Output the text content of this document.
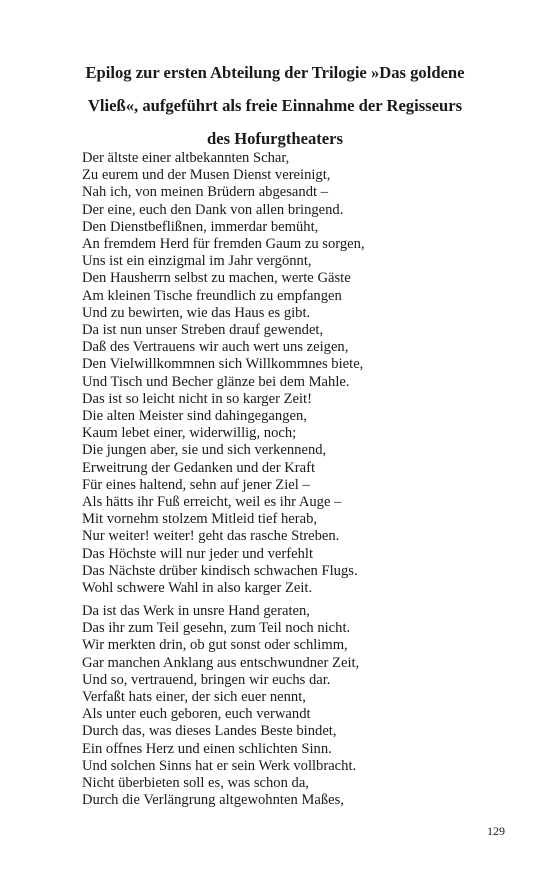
Epilog zur ersten Abteilung der Trilogie »Das goldene
Vließ«, aufgeführt als freie Einnahme der Regisseurs
des Hofurgtheaters
Der ältste einer altbekannten Schar,
Zu eurem und der Musen Dienst vereinigt,
Nah ich, von meinen Brüdern abgesandt –
Der eine, euch den Dank von allen bringend.
Den Dienstbeflißnen, immerdar bemüht,
An fremdem Herd für fremden Gaum zu sorgen,
Uns ist ein einzigmal im Jahr vergönnt,
Den Hausherrn selbst zu machen, werte Gäste
Am kleinen Tische freundlich zu empfangen
Und zu bewirten, wie das Haus es gibt.
Da ist nun unser Streben drauf gewendet,
Daß des Vertrauens wir auch wert uns zeigen,
Den Vielwillkommnen sich Willkommnes biete,
Und Tisch und Becher glänze bei dem Mahle.
Das ist so leicht nicht in so karger Zeit!
Die alten Meister sind dahingegangen,
Kaum lebet einer, widerwillig, noch;
Die jungen aber, sie und sich verkennend,
Erweitrung der Gedanken und der Kraft
Für eines haltend, sehn auf jener Ziel –
Als hätts ihr Fuß erreicht, weil es ihr Auge –
Mit vornehm stolzem Mitleid tief herab,
Nur weiter! weiter! geht das rasche Streben.
Das Höchste will nur jeder und verfehlt
Das Nächste drüber kindisch schwachen Flugs.
Wohl schwere Wahl in also karger Zeit.
Da ist das Werk in unsre Hand geraten,
Das ihr zum Teil gesehn, zum Teil noch nicht.
Wir merkten drin, ob gut sonst oder schlimm,
Gar manchen Anklang aus entschwundner Zeit,
Und so, vertrauend, bringen wir euchs dar.
Verfaßt hats einer, der sich euer nennt,
Als unter euch geboren, euch verwandt
Durch das, was dieses Landes Beste bindet,
Ein offnes Herz und einen schlichten Sinn.
Und solchen Sinns hat er sein Werk vollbracht.
Nicht überbieten soll es, was schon da,
Durch die Verlängrung altgewohnten Maßes,
129
